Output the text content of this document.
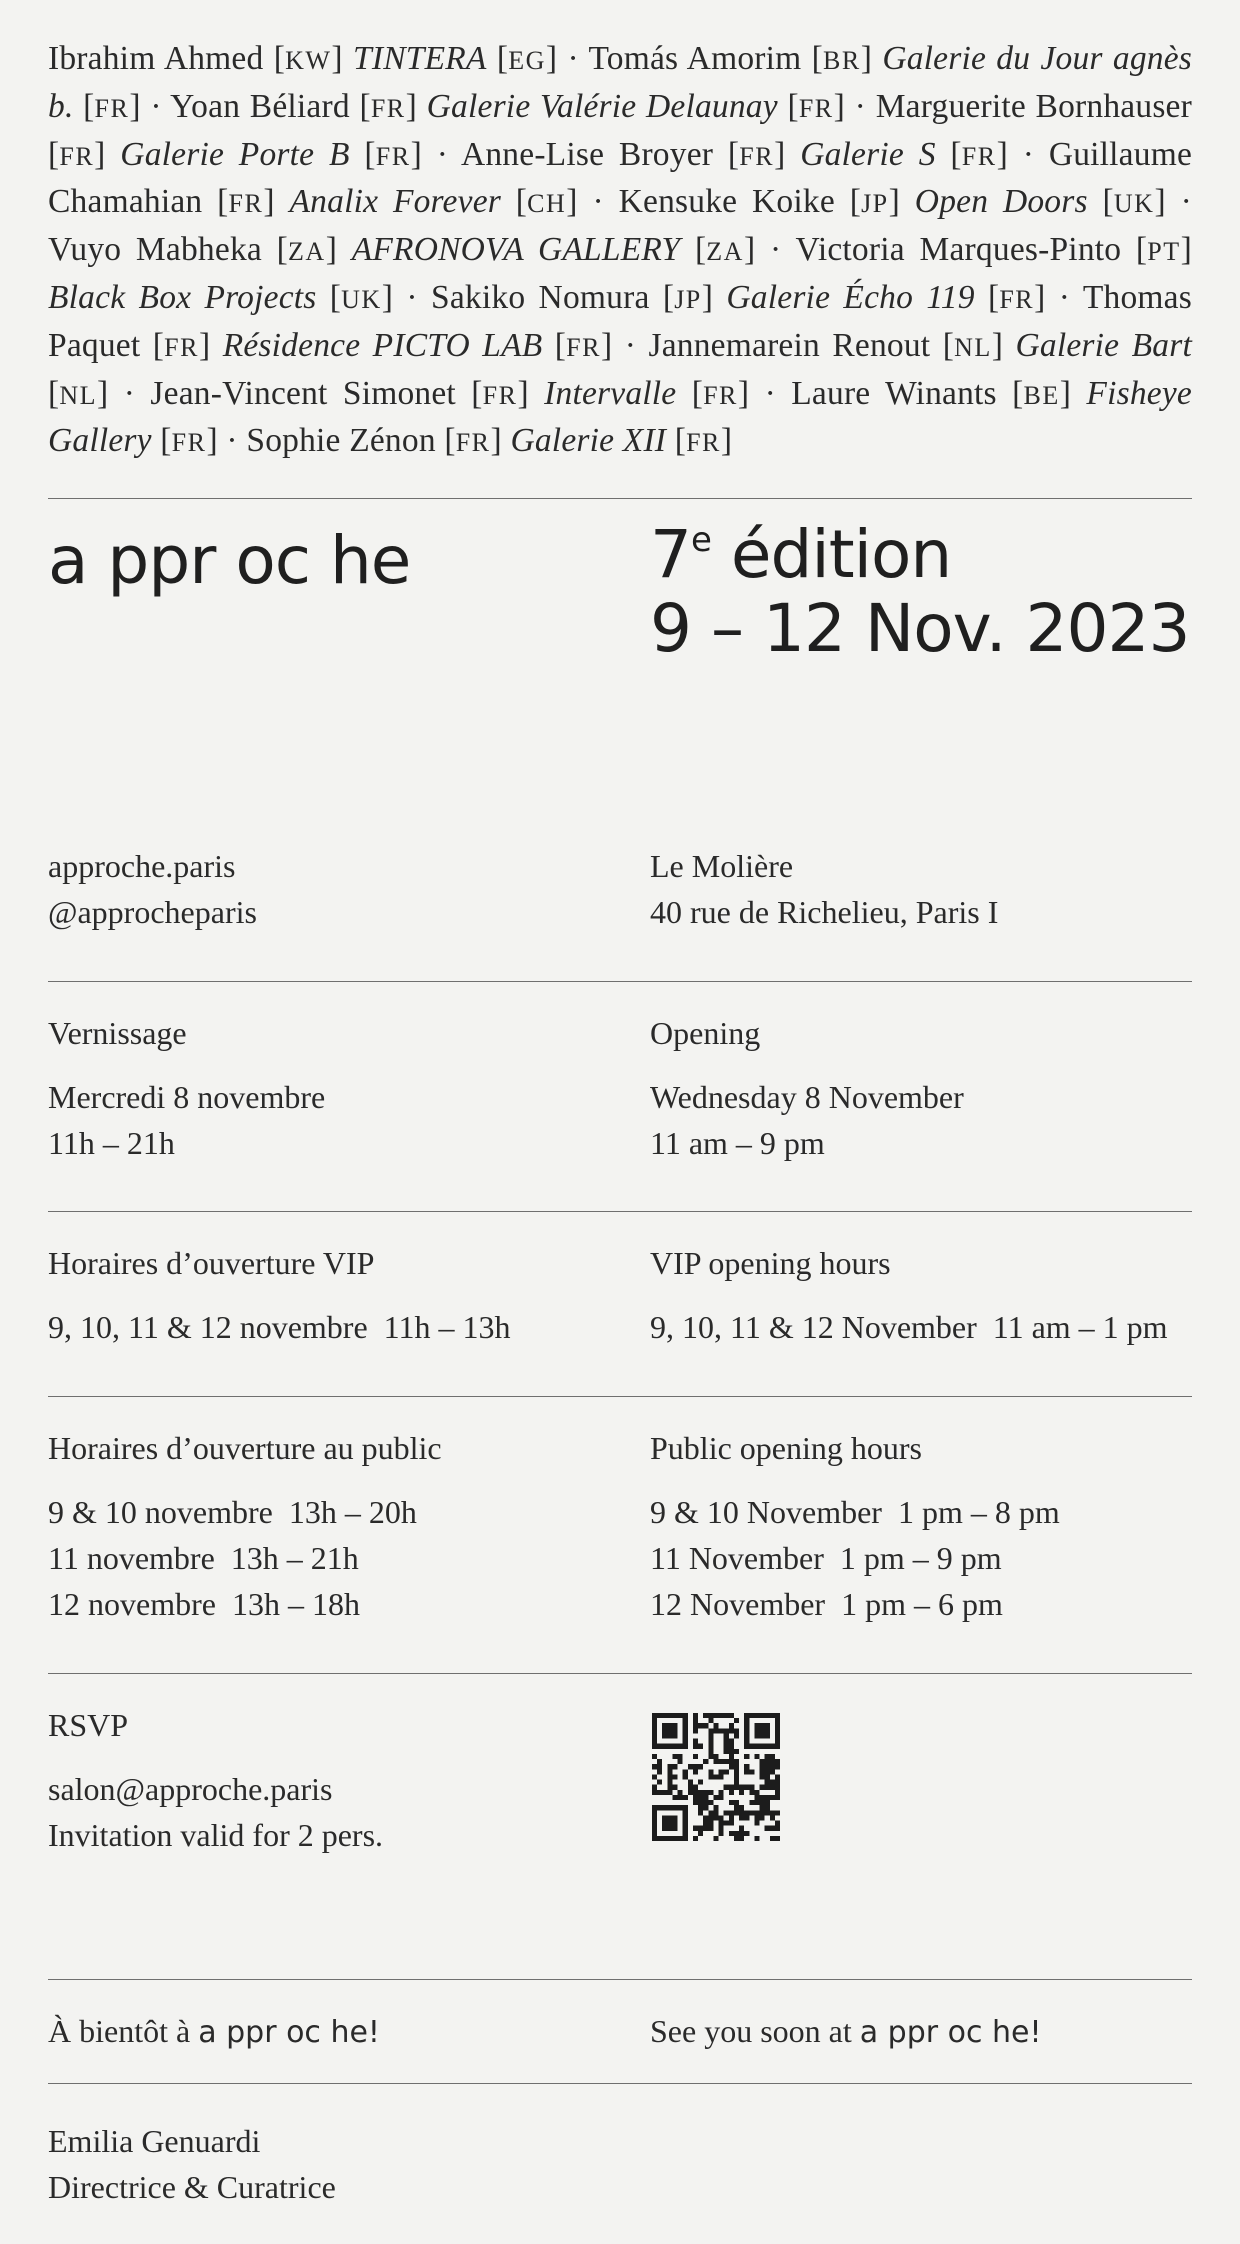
Ibrahim Ahmed [KW] TINTERA [EG] · Tomás Amorim [BR] Galerie du Jour agnès b. [FR] · Yoan Béliard [FR] Galerie Valérie Delaunay [FR] · Marguerite Bornhauser [FR] Galerie Porte B [FR] · Anne-Lise Broyer [FR] Galerie S [FR] · Guillaume Chamahian [FR] Analix Forever [CH] · Kensuke Koike [JP] Open Doors [UK] · Vuyo Mabheka [ZA] AFRONOVA GALLERY [ZA] · Victoria Marques-Pinto [PT] Black Box Projects [UK] · Sakiko Nomura [JP] Galerie Écho 119 [FR] · Thomas Paquet [FR] Résidence PICTO LAB [FR] · Jannemarein Renout [NL] Galerie Bart [NL] · Jean-Vincent Simonet [FR] Intervalle [FR] · Laure Winants [BE] Fisheye Gallery [FR] · Sophie Zénon [FR] Galerie XII [FR]
a ppr oc he	7e édition
9 – 12 Nov. 2023
approche.paris
@approcheparis
Le Molière
40 rue de Richelieu, Paris I
Vernissage
Mercredi 8 novembre
11h – 21h
Opening
Wednesday 8 November
11 am – 9 pm
Horaires d’ouverture VIP
9, 10, 11 & 12 novembre  11h – 13h
VIP opening hours
9, 10, 11 & 12 November  11 am – 1 pm
Horaires d’ouverture au public
9 & 10 novembre  13h – 20h
11 novembre  13h – 21h
12 novembre  13h – 18h
Public opening hours
9 & 10 November  1 pm – 8 pm
11 November  1 pm – 9 pm
12 November  1 pm – 6 pm
RSVP
salon@approche.paris
Invitation valid for 2 pers.
À bientôt à a ppr oc he!	See you soon at a ppr oc he!
Emilia Genuardi
Directrice & Curatrice
